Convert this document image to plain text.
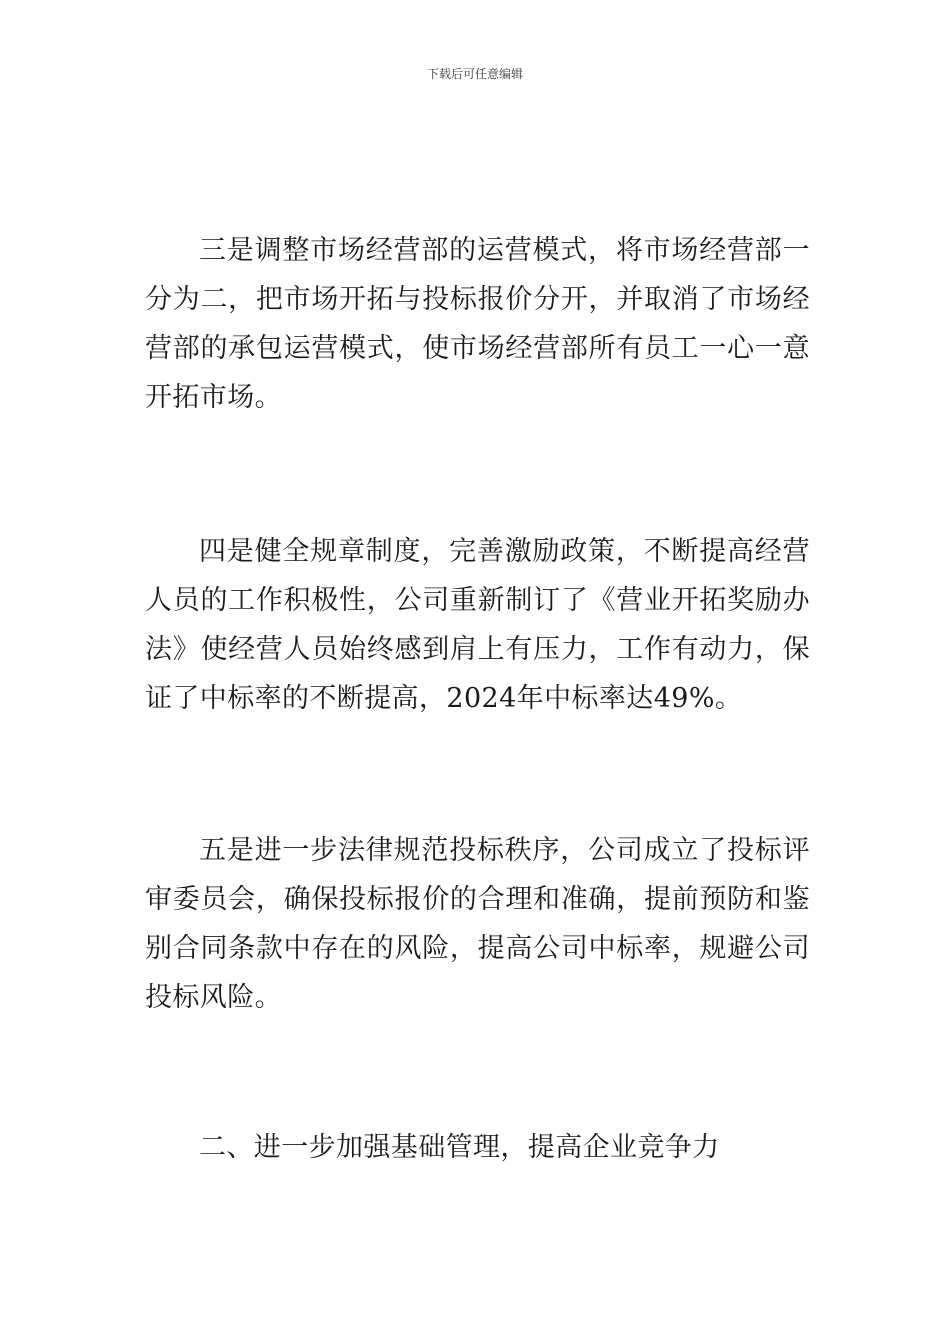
下载后可任意编辑

三是调整市场经营部的运营模式，将市场经营部一分为二，把市场开拓与投标报价分开，并取消了市场经营部的承包运营模式，使市场经营部所有员工一心一意开拓市场。

四是健全规章制度，完善激励政策，不断提高经营人员的工作积极性，公司重新制订了《营业开拓奖励办法》使经营人员始终感到肩上有压力，工作有动力，保证了中标率的不断提高，2024年中标率达49%。

五是进一步法律规范投标秩序，公司成立了投标评审委员会，确保投标报价的合理和准确，提前预防和鉴别合同条款中存在的风险，提高公司中标率，规避公司投标风险。

二、进一步加强基础管理，提高企业竞争力
